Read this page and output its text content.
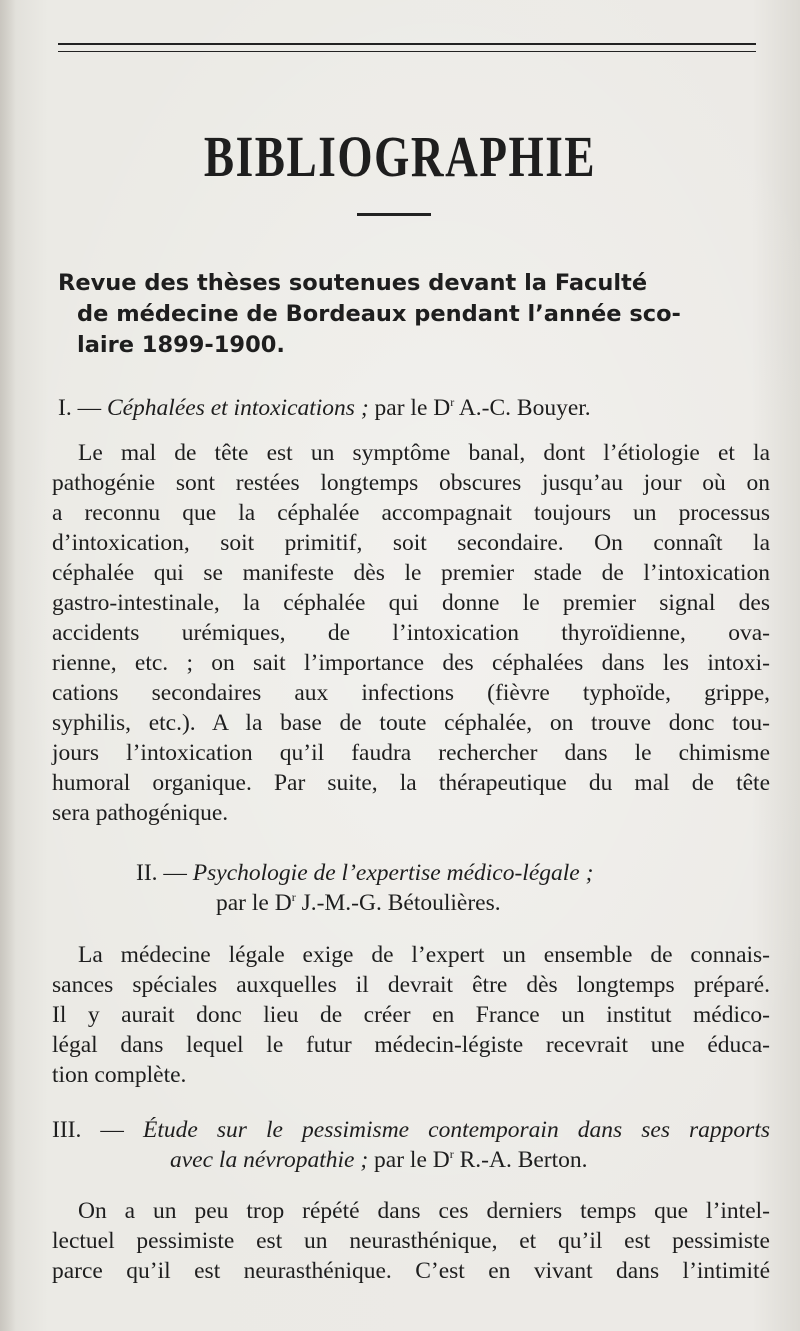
BIBLIOGRAPHIE
Revue des thèses soutenues devant la Faculté
de médecine de Bordeaux pendant l’année sco-
laire 1899-1900.
I. — Céphalées et intoxications ; par le $D^r$ A.-C. Bouyer.
Le mal de tête est un symptôme banal, dont l’étiologie et la
pathogénie sont restées longtemps obscures jusqu’au jour où on
a reconnu que la céphalée accompagnait toujours un processus
d’intoxication, soit primitif, soit secondaire. On connaît la
céphalée qui se manifeste dès le premier stade de l’intoxication
gastro-intestinale, la céphalée qui donne le premier signal des
accidents urémiques, de l’intoxication thyroïdienne, ova-
rienne, etc. ; on sait l’importance des céphalées dans les intoxi-
cations secondaires aux infections (fièvre typhoïde, grippe,
syphilis, etc.). A la base de toute céphalée, on trouve donc tou-
jours l’intoxication qu’il faudra rechercher dans le chimisme
humoral organique. Par suite, la thérapeutique du mal de tête
sera pathogénique.
II. — Psychologie de l’expertise médico-légale ;
par le $D^r$ J.-M.-G. Bétoulières.
La médecine légale exige de l’expert un ensemble de connais-
sances spéciales auxquelles il devrait être dès longtemps préparé.
Il y aurait donc lieu de créer en France un institut médico-
légal dans lequel le futur médecin-légiste recevrait une éduca-
tion complète.
III. — Étude sur le pessimisme contemporain dans ses rapports
avec la névropathie ; par le $D^r$ R.-A. Berton.
On a un peu trop répété dans ces derniers temps que l’intel-
lectuel pessimiste est un neurasthénique, et qu’il est pessimiste
parce qu’il est neurasthénique. C’est en vivant dans l’intimité
